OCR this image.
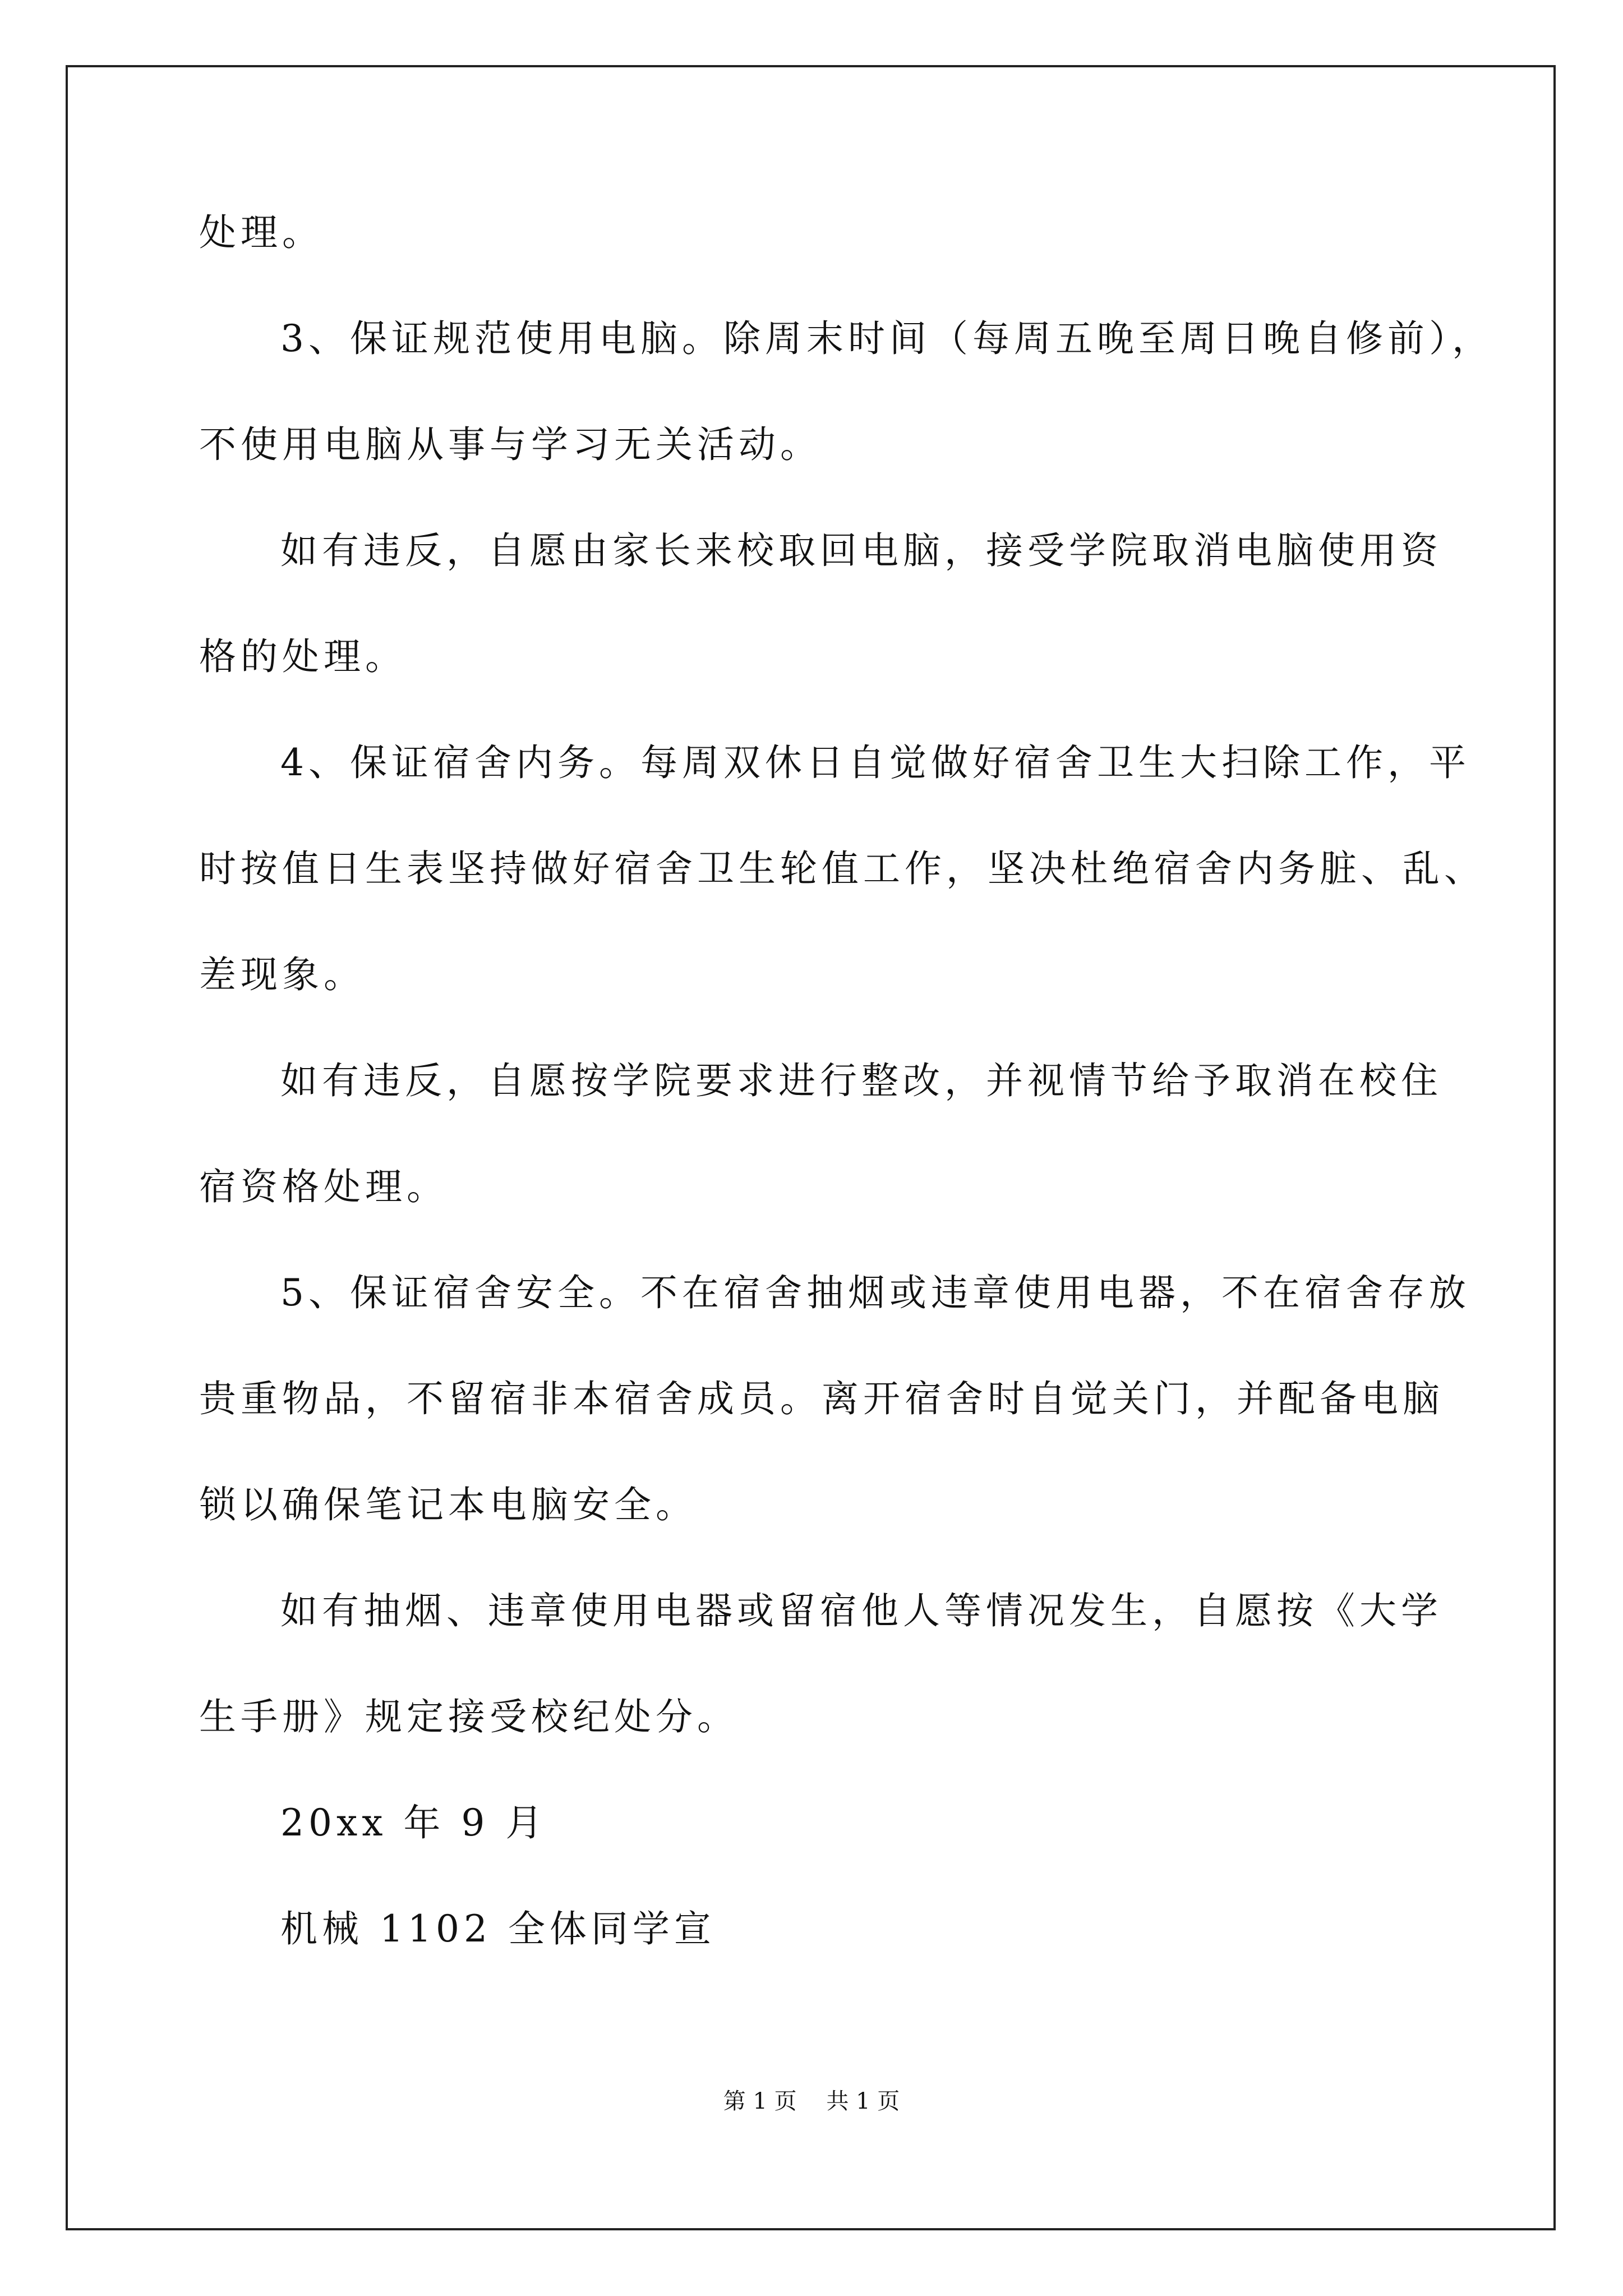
处理。
3、保证规范使用电脑。除周末时间（每周五晚至周日晚自修前），
不使用电脑从事与学习无关活动。
如有违反，自愿由家长来校取回电脑，接受学院取消电脑使用资
格的处理。
4、保证宿舍内务。每周双休日自觉做好宿舍卫生大扫除工作，平
时按值日生表坚持做好宿舍卫生轮值工作，坚决杜绝宿舍内务脏、乱、
差现象。
如有违反，自愿按学院要求进行整改，并视情节给予取消在校住
宿资格处理。
5、保证宿舍安全。不在宿舍抽烟或违章使用电器，不在宿舍存放
贵重物品，不留宿非本宿舍成员。离开宿舍时自觉关门，并配备电脑
锁以确保笔记本电脑安全。
如有抽烟、违章使用电器或留宿他人等情况发生，自愿按《大学
生手册》规定接受校纪处分。
20xx 年 9 月
机械 1102 全体同学宣
第 1 页 共 1 页
